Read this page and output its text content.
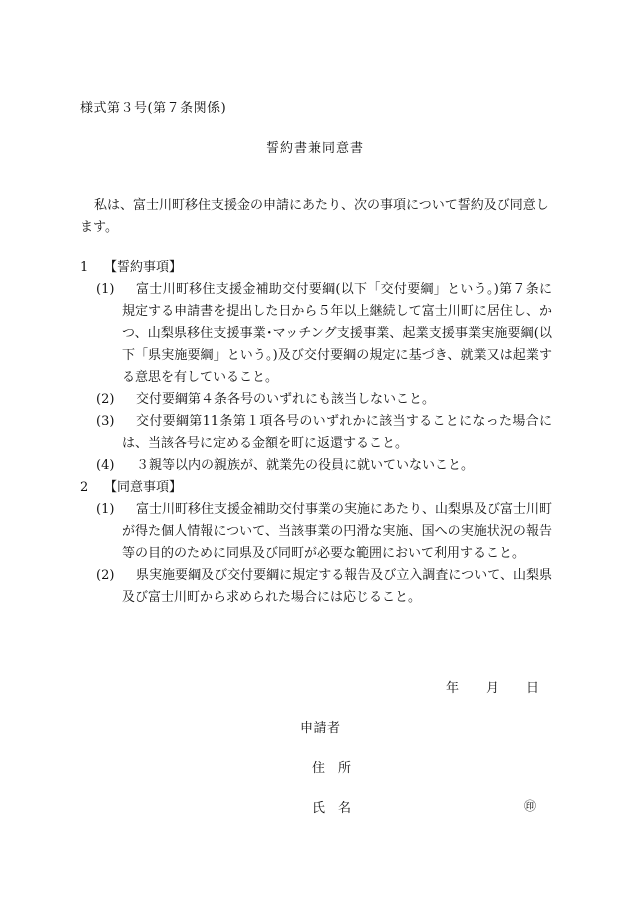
様式第３号(第７条関係)
誓約書兼同意書
私は、富士川町移住支援金の申請にあたり、次の事項について誓約及び同意します。
1	【誓約事項】
(1)	富士川町移住支援金補助交付要綱(以下「交付要綱」という。)第７条に規定する申請書を提出した日から５年以上継続して富士川町に居住し、かつ、山梨県移住支援事業･マッチング支援事業、起業支援事業実施要綱(以下「県実施要綱」という。)及び交付要綱の規定に基づき、就業又は起業する意思を有していること。
(2)	交付要綱第４条各号のいずれにも該当しないこと。
(3)	交付要綱第11条第１項各号のいずれかに該当することになった場合には、当該各号に定める金額を町に返還すること。
(4)	３親等以内の親族が、就業先の役員に就いていないこと。
2	【同意事項】
(1)	富士川町移住支援金補助交付事業の実施にあたり、山梨県及び富士川町が得た個人情報について、当該事業の円滑な実施、国への実施状況の報告等の目的のために同県及び同町が必要な範囲において利用すること。
(2)	県実施要綱及び交付要綱に規定する報告及び立入調査について、山梨県及び富士川町から求められた場合には応じること。
年 月 日
申請者
住　所
氏　名	㊞
